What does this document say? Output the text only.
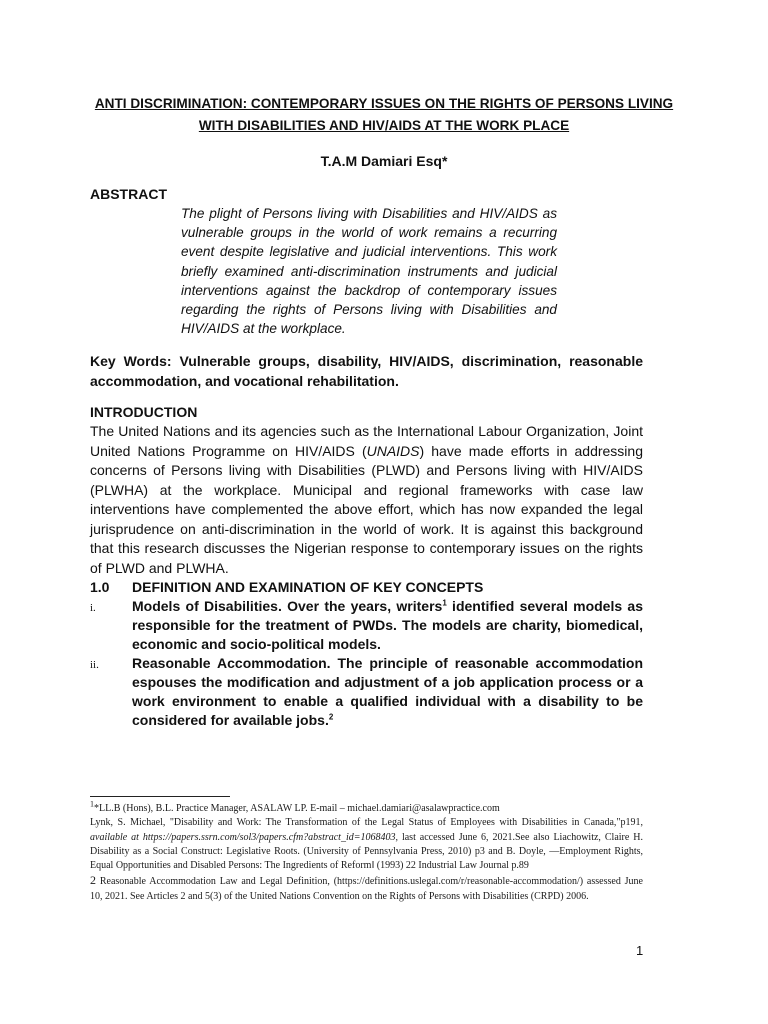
ANTI DISCRIMINATION: CONTEMPORARY ISSUES ON THE RIGHTS OF PERSONS LIVING WITH DISABILITIES AND HIV/AIDS AT THE WORK PLACE
T.A.M Damiari Esq*
ABSTRACT
The plight of Persons living with Disabilities and HIV/AIDS as vulnerable groups in the world of work remains a recurring event despite legislative and judicial interventions. This work briefly examined anti-discrimination instruments and judicial interventions against the backdrop of contemporary issues regarding the rights of Persons living with Disabilities and HIV/AIDS at the workplace.
Key Words: Vulnerable groups, disability, HIV/AIDS, discrimination, reasonable accommodation, and vocational rehabilitation.
INTRODUCTION
The United Nations and its agencies such as the International Labour Organization, Joint United Nations Programme on HIV/AIDS (UNAIDS) have made efforts in addressing concerns of Persons living with Disabilities (PLWD) and Persons living with HIV/AIDS (PLWHA) at the workplace. Municipal and regional frameworks with case law interventions have complemented the above effort, which has now expanded the legal jurisprudence on anti-discrimination in the world of work. It is against this background that this research discusses the Nigerian response to contemporary issues on the rights of PLWD and PLWHA.
1.0 DEFINITION AND EXAMINATION OF KEY CONCEPTS
i.	Models of Disabilities. Over the years, writers$^1$ identified several models as responsible for the treatment of PWDs. The models are charity, biomedical, economic and socio-political models.
ii.	Reasonable Accommodation. The principle of reasonable accommodation espouses the modification and adjustment of a job application process or a work environment to enable a qualified individual with a disability to be considered for available jobs.$^2$

$^1$*LL.B (Hons), B.L. Practice Manager, ASALAW LP. E-mail – michael.damiari@asalawpractice.com

Lynk, S. Michael, "Disability and Work: The Transformation of the Legal Status of Employees with Disabilities in Canada,"p191, available at https://papers.ssrn.com/sol3/papers.cfm?abstract_id=1068403, last accessed June 6, 2021.See also Liachowitz, Claire H. Disability as a Social Construct: Legislative Roots. (University of Pennsylvania Press, 2010) p3 and B. Doyle, ―Employment Rights, Equal Opportunities and Disabled Persons: The Ingredients of Reform‖ (1993) 22 Industrial Law Journal p.89

2 Reasonable Accommodation Law and Legal Definition, (https://definitions.uslegal.com/r/reasonable-accommodation/) assessed June 10, 2021. See Articles 2 and 5(3) of the United Nations Convention on the Rights of Persons with Disabilities (CRPD) 2006.

1
